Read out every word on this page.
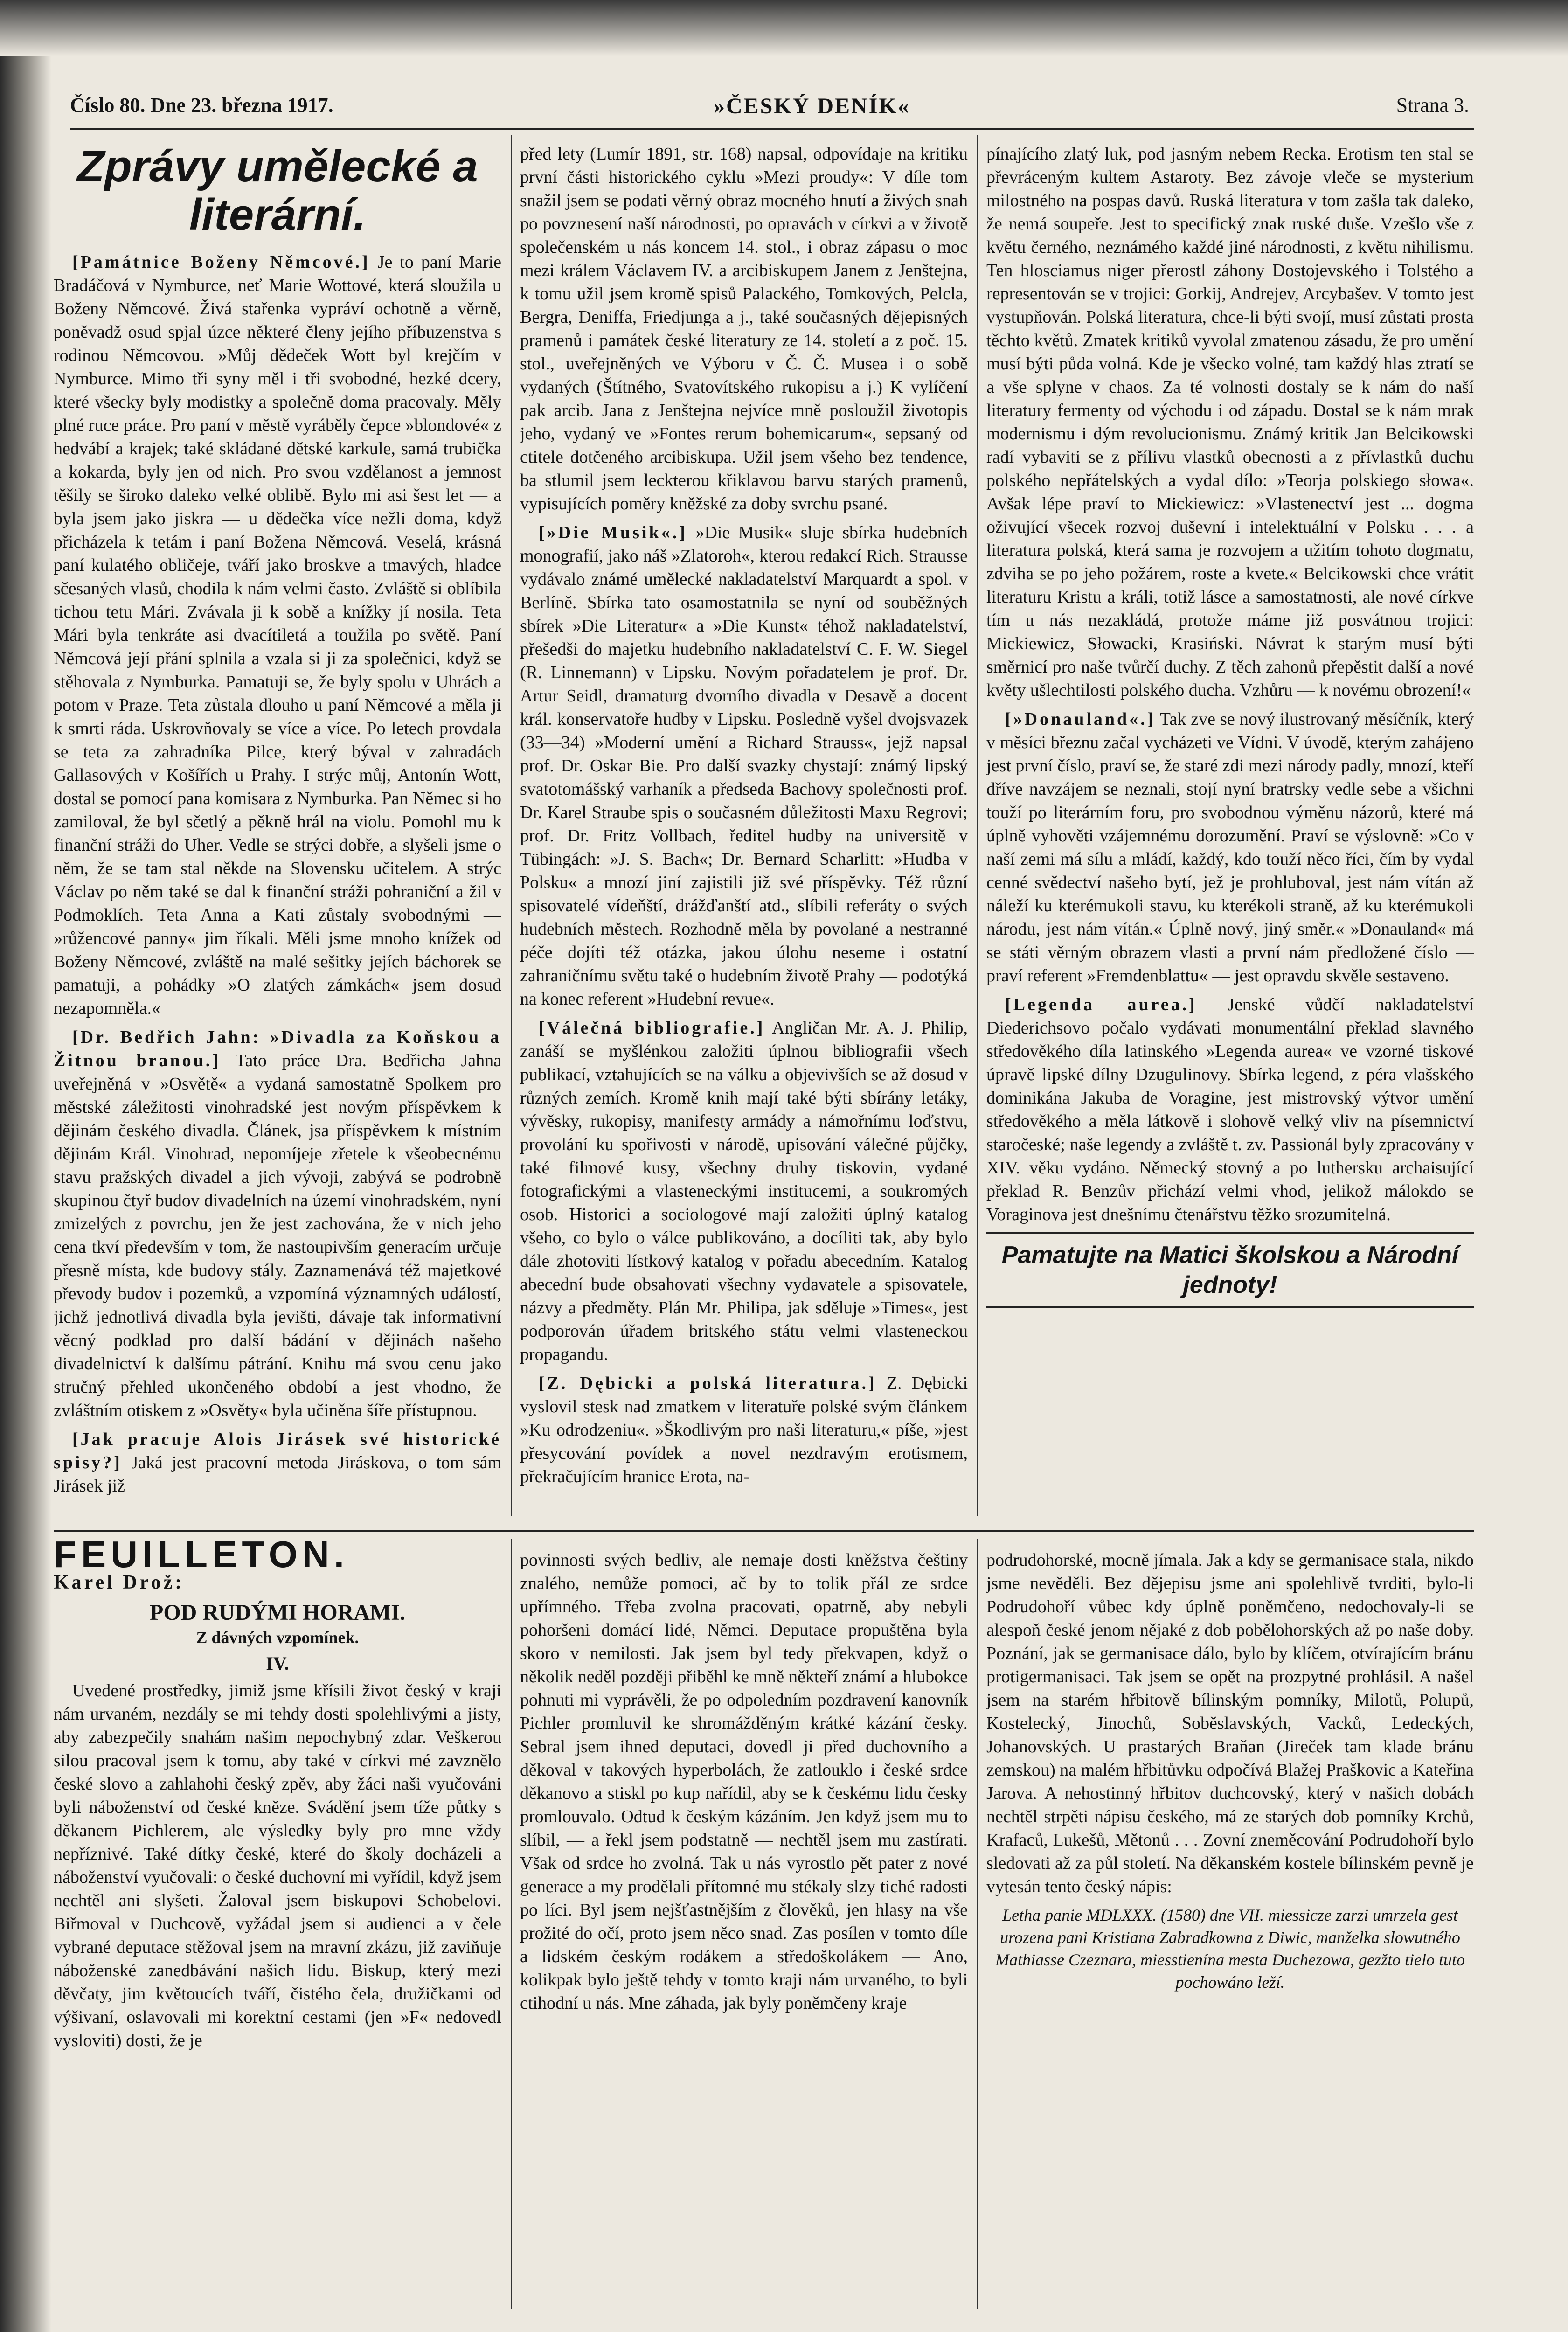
Číslo 80. Dne 23. března 1917.	»ČESKÝ DENÍK«	Strana 3.
Zprávy umělecké a literární.

[Památnice Boženy Němcové.] Je to paní Marie Bradáčová v Nymburce, neť Marie Wottové, která sloužila u Boženy Němcové. Živá stařenka vypráví ochotně a věrně, poněvadž osud spjal úzce některé členy jejího příbuzenstva s rodinou Němcovou. »Můj dědeček Wott byl krejčím v Nymburce. Mimo tři syny měl i tři svobodné, hezké dcery, které všecky byly modistky a společně doma pracovaly. Měly plné ruce práce. Pro paní v městě vyráběly čepce »blondové« z hedvábí a krajek; také skládané dětské karkule, samá trubička a kokarda, byly jen od nich. Pro svou vzdělanost a jemnost těšily se široko daleko velké oblibě. Bylo mi asi šest let — a byla jsem jako jiskra — u dědečka více nežli doma, když přicházela k tetám i paní Božena Němcová. Veselá, krásná paní kulatého obličeje, tváří jako broskve a tmavých, hladce sčesaných vlasů, chodila k nám velmi často. Zvláště si oblíbila tichou tetu Mári. Zvávala ji k sobě a knížky jí nosila. Teta Mári byla tenkráte asi dvacítiletá a toužila po světě. Paní Němcová její přání splnila a vzala si ji za společnici, když se stěhovala z Nymburka. Pamatuji se, že byly spolu v Uhrách a potom v Praze. Teta zůstala dlouho u paní Němcové a měla ji k smrti ráda. Uskrovňovaly se více a více. Po letech provdala se teta za zahradníka Pilce, který býval v zahradách Gallasových v Košířích u Prahy. I strýc můj, Antonín Wott, dostal se pomocí pana komisara z Nymburka. Pan Němec si ho zamiloval, že byl sčetlý a pěkně hrál na violu. Pomohl mu k finanční stráži do Uher. Vedle se strýci dobře, a slyšeli jsme o něm, že se tam stal někde na Slovensku učitelem. A strýc Václav po něm také se dal k finanční stráži pohraniční a žil v Podmoklích. Teta Anna a Kati zůstaly svobodnými — »růžencové panny« jim říkali. Měli jsme mnoho knížek od Boženy Němcové, zvláště na malé sešitky jejích báchorek se pamatuji, a pohádky »O zlatých zámkách« jsem dosud nezapomněla.«

[Dr. Bedřich Jahn: »Divadla za Koňskou a Žitnou branou.] Tato práce Dra. Bedřicha Jahna uveřejněná v »Osvětě« a vydaná samostatně Spolkem pro městské záležitosti vinohradské jest novým příspěvkem k dějinám českého divadla. Článek, jsa příspěvkem k místním dějinám Král. Vinohrad, nepomíjeje zřetele k všeobecnému stavu pražských divadel a jich vývoji, zabývá se podrobně skupinou čtyř budov divadelních na území vinohradském, nyní zmizelých z povrchu, jen že jest zachována, že v nich jeho cena tkví především v tom, že nastoupivším generacím určuje přesně místa, kde budovy stály. Zaznamenává též majetkové převody budov i pozemků, a vzpomíná významných událostí, jichž jednotlivá divadla byla jevišti, dávaje tak informativní věcný podklad pro další bádání v dějinách našeho divadelnictví k dalšímu pátrání. Knihu má svou cenu jako stručný přehled ukončeného období a jest vhodno, že zvláštním otiskem z »Osvěty« byla učiněna šíře přístupnou.

[Jak pracuje Alois Jirásek své historické spisy?] Jaká jest pracovní metoda Jiráskova, o tom sám Jirásek již

před lety (Lumír 1891, str. 168) napsal, odpovídaje na kritiku první části historického cyklu »Mezi proudy«: V díle tom snažil jsem se podati věrný obraz mocného hnutí a živých snah po povznesení naší národnosti, po opravách v církvi a v životě společenském u nás koncem 14. stol., i obraz zápasu o moc mezi králem Václavem IV. a arcibiskupem Janem z Jenštejna, k tomu užil jsem kromě spisů Palackého, Tomkových, Pelcla, Bergra, Deniffa, Friedjunga a j., také současných dějepisných pramenů i památek české literatury ze 14. století a z poč. 15. stol., uveřejněných ve Výboru v Č. Č. Musea i o sobě vydaných (Štítného, Svatovítského rukopisu a j.) K vylíčení pak arcib. Jana z Jenštejna nejvíce mně posloužil životopis jeho, vydaný ve »Fontes rerum bohemicarum«, sepsaný od ctitele dotčeného arcibiskupa. Užil jsem všeho bez tendence, ba stlumil jsem leckterou křiklavou barvu starých pramenů, vypisujících poměry kněžské za doby svrchu psané.

[»Die Musik«.] »Die Musik« sluje sbírka hudebních monografií, jako náš »Zlatoroh«, kterou redakcí Rich. Strausse vydávalo známé umělecké nakladatelství Marquardt a spol. v Berlíně. Sbírka tato osamostatnila se nyní od souběžných sbírek »Die Literatur« a »Die Kunst« téhož nakladatelství, přešedši do majetku hudebního nakladatelství C. F. W. Siegel (R. Linnemann) v Lipsku. Novým pořadatelem je prof. Dr. Artur Seidl, dramaturg dvorního divadla v Desavě a docent král. konservatoře hudby v Lipsku. Posledně vyšel dvojsvazek (33—34) »Moderní umění a Richard Strauss«, jejž napsal prof. Dr. Oskar Bie. Pro další svazky chystají: známý lipský svatotomášský varhaník a předseda Bachovy společnosti prof. Dr. Karel Straube spis o současném důležitosti Maxu Regrovi; prof. Dr. Fritz Vollbach, ředitel hudby na universitě v Tübingách: »J. S. Bach«; Dr. Bernard Scharlitt: »Hudba v Polsku« a mnozí jiní zajistili již své příspěvky. Též různí spisovatelé vídeňští, drážďanští atd., slíbili referáty o svých hudebních městech. Rozhodně měla by povolané a nestranné péče dojíti též otázka, jakou úlohu neseme i ostatní zahraničnímu světu také o hudebním životě Prahy — podotýká na konec referent »Hudební revue«.

[Válečná bibliografie.] Angličan Mr. A. J. Philip, zanáší se myšlénkou založiti úplnou bibliografii všech publikací, vztahujících se na válku a objevivších se až dosud v různých zemích. Kromě knih mají také býti sbírány letáky, vývěsky, rukopisy, manifesty armády a námořnímu loďstvu, provolání ku spořivosti v národě, upisování válečné půjčky, také filmové kusy, všechny druhy tiskovin, vydané fotografickými a vlasteneckými institucemi, a soukromých osob. Historici a sociologové mají založiti úplný katalog všeho, co bylo o válce publikováno, a docíliti tak, aby bylo dále zhotoviti lístkový katalog v pořadu abecedním. Katalog abecední bude obsahovati všechny vydavatele a spisovatele, názvy a předměty. Plán Mr. Philipa, jak sděluje »Times«, jest podporován úřadem britského státu velmi vlasteneckou propagandu.

[Z. Dębicki a polská literatura.] Z. Dębicki vyslovil stesk nad zmatkem v literatuře polské svým článkem »Ku odrodzeniu«. »Škodlivým pro naši literaturu,« píše, »jest přesycování povídek a novel nezdravým erotismem, překračujícím hranice Erota, na-

pínajícího zlatý luk, pod jasným nebem Recka. Erotism ten stal se převráceným kultem Astaroty. Bez závoje vleče se mysterium milostného na pospas davů. Ruská literatura v tom zašla tak daleko, že nemá soupeře. Jest to specifický znak ruské duše. Vzešlo vše z květu černého, neznámého každé jiné národnosti, z květu nihilismu. Ten hlosciamus niger přerostl záhony Dostojevského i Tolstého a representován se v trojici: Gorkij, Andrejev, Arcybašev. V tomto jest vystupňován. Polská literatura, chce-li býti svojí, musí zůstati prosta těchto květů. Zmatek kritiků vyvolal zmatenou zásadu, že pro umění musí býti půda volná. Kde je všecko volné, tam každý hlas ztratí se a vše splyne v chaos. Za té volnosti dostaly se k nám do naší literatury fermenty od východu i od západu. Dostal se k nám mrak modernismu i dým revolucionismu. Známý kritik Jan Belcikowski radí vybaviti se z přílivu vlastků obecnosti a z přívlastků duchu polského nepřátelských a vydal dílo: »Teorja polskiego słowa«. Avšak lépe praví to Mickiewicz: »Vlastenectví jest ... dogma oživující všecek rozvoj duševní i intelektuální v Polsku . . . a literatura polská, která sama je rozvojem a užitím tohoto dogmatu, zdviha se po jeho požárem, roste a kvete.« Belcikowski chce vrátit literaturu Kristu a králi, totiž lásce a samostatnosti, ale nové církve tím u nás nezakládá, protože máme již posvátnou trojici: Mickiewicz, Słowacki, Krasiński. Návrat k starým musí býti směrnicí pro naše tvůrčí duchy. Z těch zahonů přepěstit další a nové květy ušlechtilosti polského ducha. Vzhůru — k novému obrození!«

[»Donauland«.] Tak zve se nový ilustrovaný měsíčník, který v měsíci březnu začal vycházeti ve Vídni. V úvodě, kterým zahájeno jest první číslo, praví se, že staré zdi mezi národy padly, mnozí, kteří dříve navzájem se neznali, stojí nyní bratrsky vedle sebe a všichni touží po literárním foru, pro svobodnou výměnu názorů, které má úplně vyhověti vzájemnému dorozumění. Praví se výslovně: »Co v naší zemi má sílu a mládí, každý, kdo touží něco říci, čím by vydal cenné svědectví našeho bytí, jež je prohluboval, jest nám vítán až náleží ku kterémukoli stavu, ku kterékoli straně, až ku kterémukoli národu, jest nám vítán.« Úplně nový, jiný směr.« »Donauland« má se státi věrným obrazem vlasti a první nám předložené číslo — praví referent »Fremdenblattu« — jest opravdu skvěle sestaveno.

[Legenda aurea.] Jenské vůdčí nakladatelství Diederichsovo počalo vydávati monumentální překlad slavného středověkého díla latinského »Legenda aurea« ve vzorné tiskové úpravě lipské dílny Dzugulinovy. Sbírka legend, z péra vlašského dominikána Jakuba de Voragine, jest mistrovský výtvor umění středověkého a měla látkově i slohově velký vliv na písemnictví staročeské; naše legendy a zvláště t. zv. Passionál byly zpracovány v XIV. věku vydáno. Německý stovný a po luthersku archaisující překlad R. Benzův přichází velmi vhod, jelikož málokdo se Voraginova jest dnešnímu čtenářstvu těžko srozumitelná.

Pamatujte na Matici školskou a Národní jednoty!
FEUILLETON.
Karel Drož:
POD RUDÝMI HORAMI.
Z dávných vzpomínek.
IV.

Uvedené prostředky, jimiž jsme křísili život český v kraji nám urvaném, nezdály se mi tehdy dosti spolehlivými a jisty, aby zabezpečily snahám našim nepochybný zdar. Veškerou silou pracoval jsem k tomu, aby také v církvi mé zavznělo české slovo a zahlahohi český zpěv, aby žáci naši vyučováni byli náboženství od české kněze. Svádění jsem tíže půtky s děkanem Pichlerem, ale výsledky byly pro mne vždy nepříznivé. Také dítky české, které do školy docházeli a náboženství vyučovali: o české duchovní mi vyřídil, když jsem nechtěl ani slyšeti. Žaloval jsem biskupovi Schobelovi. Biřmoval v Duchcově, vyžádal jsem si audienci a v čele vybrané deputace stěžoval jsem na mravní zkázu, již zaviňuje náboženské zanedbávání našich lidu. Biskup, který mezi děvčaty, jim květoucích tváří, čistého čela, družičkami od výšivaní, oslavovali mi korektní cestami (jen »F« nedovedl vysloviti) dosti, že je

povinnosti svých bedliv, ale nemaje dosti kněžstva češtiny znalého, nemůže pomoci, ač by to tolik přál ze srdce upřímného. Třeba zvolna pracovati, opatrně, aby nebyli pohoršeni domácí lidé, Němci. Deputace propuštěna byla skoro v nemilosti. Jak jsem byl tedy překvapen, když o několik neděl později přiběhl ke mně někteří známí a hlubokce pohnuti mi vyprávěli, že po odpoledním pozdravení kanovník Pichler promluvil ke shromážděným krátké kázání česky. Sebral jsem ihned deputaci, dovedl ji před duchovního a děkoval v takových hyperbolách, že zatlouklo i české srdce děkanovo a stiskl po kup nařídil, aby se k českému lidu česky promlouvalo. Odtud k českým kázáním. Jen když jsem mu to slíbil, — a řekl jsem podstatně — nechtěl jsem mu zastírati. Však od srdce ho zvolná. Tak u nás vyrostlo pět pater z nové generace a my prodělali přítomné mu stékaly slzy tiché radosti po líci. Byl jsem nejšťastnějším z člověků, jen hlasy na vše prožité do očí, proto jsem něco snad. Zas posílen v tomto díle a lidském českým rodákem a středoškolákem — Ano, kolikpak bylo ještě tehdy v tomto kraji nám urvaného, to byli ctihodní u nás. Mne záhada, jak byly poněmčeny kraje

podrudohorské, mocně jímala. Jak a kdy se germanisace stala, nikdo jsme nevěděli. Bez dějepisu jsme ani spolehlivě tvrditi, bylo-li Podrudohoří vůbec kdy úplně poněmčeno, nedochovaly-li se alespoň české jenom nějaké z dob pobělohorských až po naše doby. Poznání, jak se germanisace dálo, bylo by klíčem, otvírajícím bránu protigermanisaci. Tak jsem se opět na prozpytné prohlásil. A našel jsem na starém hřbitově bílinským pomníky, Milotů, Polupů, Kostelecký, Jinochů, Soběslavských, Vacků, Ledeckých, Johanovských. U prastarých Braňan (Jireček tam klade bránu zemskou) na malém hřbitůvku odpočívá Blažej Praškovic a Kateřina Jarova. A nehostinný hřbitov duchcovský, který v našich dobách nechtěl strpěti nápisu českého, má ze starých dob pomníky Krchů, Krafaců, Lukešů, Mětonů . . . Zovní zneměcování Podrudohoří bylo sledovati až za půl století. Na děkanském kostele bílinském pevně je vytesán tento český nápis:

Letha panie MDLXXX. (1580) dne VII. miessicze zarzi umrzela gest urozena pani Kristiana Zabradkowna z Diwic, manželka slowutného Mathiasse Czeznara, miesstienína mesta Duchezowa, gezžto tielo tuto pochowáno leží.
